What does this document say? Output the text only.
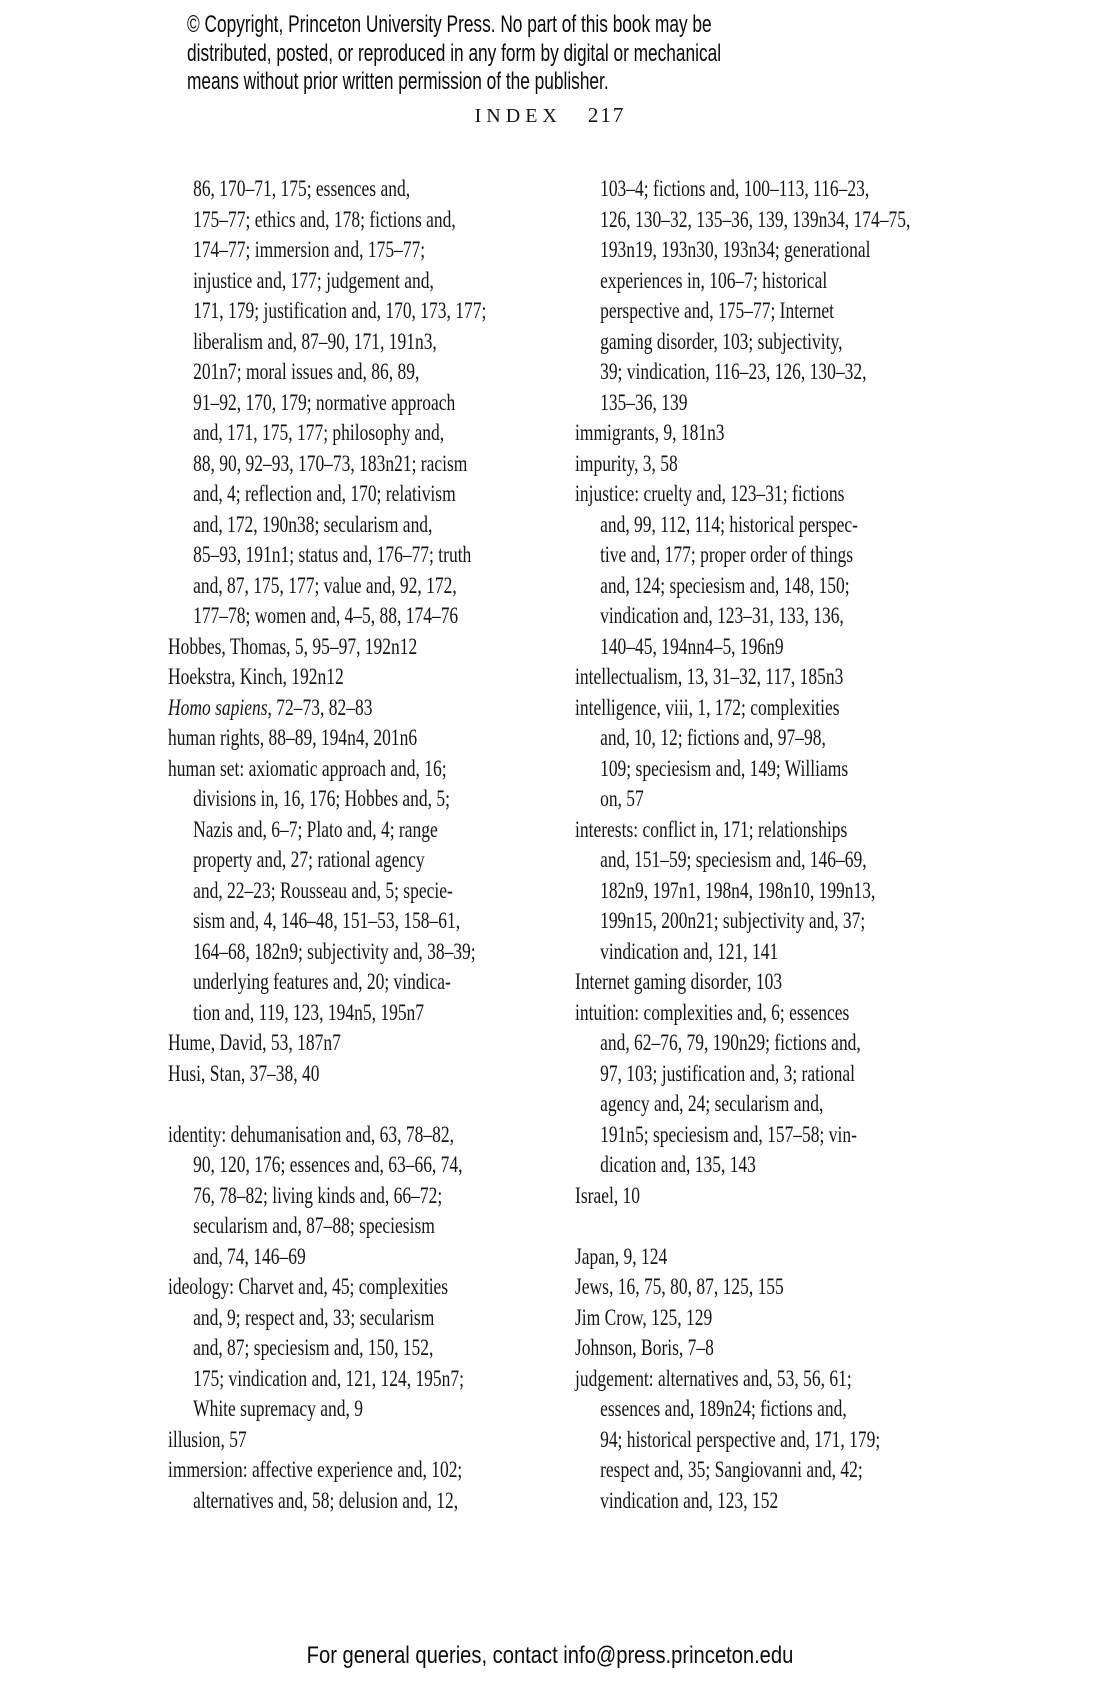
© Copyright, Princeton University Press. No part of this book may be
distributed, posted, or reproduced in any form by digital or mechanical
means without prior written permission of the publisher.
INDEX 217
86, 170–71, 175; essences and,
175–77; ethics and, 178; fictions and,
174–77; immersion and, 175–77;
injustice and, 177; judgement and,
171, 179; justification and, 170, 173, 177;
liberalism and, 87–90, 171, 191n3,
201n7; moral issues and, 86, 89,
91–92, 170, 179; normative approach
and, 171, 175, 177; philosophy and,
88, 90, 92–93, 170–73, 183n21; racism
and, 4; reflection and, 170; relativism
and, 172, 190n38; secularism and,
85–93, 191n1; status and, 176–77; truth
and, 87, 175, 177; value and, 92, 172,
177–78; women and, 4–5, 88, 174–76
Hobbes, Thomas, 5, 95–97, 192n12
Hoekstra, Kinch, 192n12
Homo sapiens, 72–73, 82–83
human rights, 88–89, 194n4, 201n6
human set: axiomatic approach and, 16;
divisions in, 16, 176; Hobbes and, 5;
Nazis and, 6–7; Plato and, 4; range
property and, 27; rational agency
and, 22–23; Rousseau and, 5; specie-
sism and, 4, 146–48, 151–53, 158–61,
164–68, 182n9; subjectivity and, 38–39;
underlying features and, 20; vindica-
tion and, 119, 123, 194n5, 195n7
Hume, David, 53, 187n7
Husi, Stan, 37–38, 40
identity: dehumanisation and, 63, 78–82,
90, 120, 176; essences and, 63–66, 74,
76, 78–82; living kinds and, 66–72;
secularism and, 87–88; speciesism
and, 74, 146–69
ideology: Charvet and, 45; complexities
and, 9; respect and, 33; secularism
and, 87; speciesism and, 150, 152,
175; vindication and, 121, 124, 195n7;
White supremacy and, 9
illusion, 57
immersion: affective experience and, 102;
alternatives and, 58; delusion and, 12,
103–4; fictions and, 100–113, 116–23,
126, 130–32, 135–36, 139, 139n34, 174–75,
193n19, 193n30, 193n34; generational
experiences in, 106–7; historical
perspective and, 175–77; Internet
gaming disorder, 103; subjectivity,
39; vindication, 116–23, 126, 130–32,
135–36, 139
immigrants, 9, 181n3
impurity, 3, 58
injustice: cruelty and, 123–31; fictions
and, 99, 112, 114; historical perspec-
tive and, 177; proper order of things
and, 124; speciesism and, 148, 150;
vindication and, 123–31, 133, 136,
140–45, 194nn4–5, 196n9
intellectualism, 13, 31–32, 117, 185n3
intelligence, viii, 1, 172; complexities
and, 10, 12; fictions and, 97–98,
109; speciesism and, 149; Williams
on, 57
interests: conflict in, 171; relationships
and, 151–59; speciesism and, 146–69,
182n9, 197n1, 198n4, 198n10, 199n13,
199n15, 200n21; subjectivity and, 37;
vindication and, 121, 141
Internet gaming disorder, 103
intuition: complexities and, 6; essences
and, 62–76, 79, 190n29; fictions and,
97, 103; justification and, 3; rational
agency and, 24; secularism and,
191n5; speciesism and, 157–58; vin-
dication and, 135, 143
Israel, 10
Japan, 9, 124
Jews, 16, 75, 80, 87, 125, 155
Jim Crow, 125, 129
Johnson, Boris, 7–8
judgement: alternatives and, 53, 56, 61;
essences and, 189n24; fictions and,
94; historical perspective and, 171, 179;
respect and, 35; Sangiovanni and, 42;
vindication and, 123, 152
For general queries, contact info@press.princeton.edu
